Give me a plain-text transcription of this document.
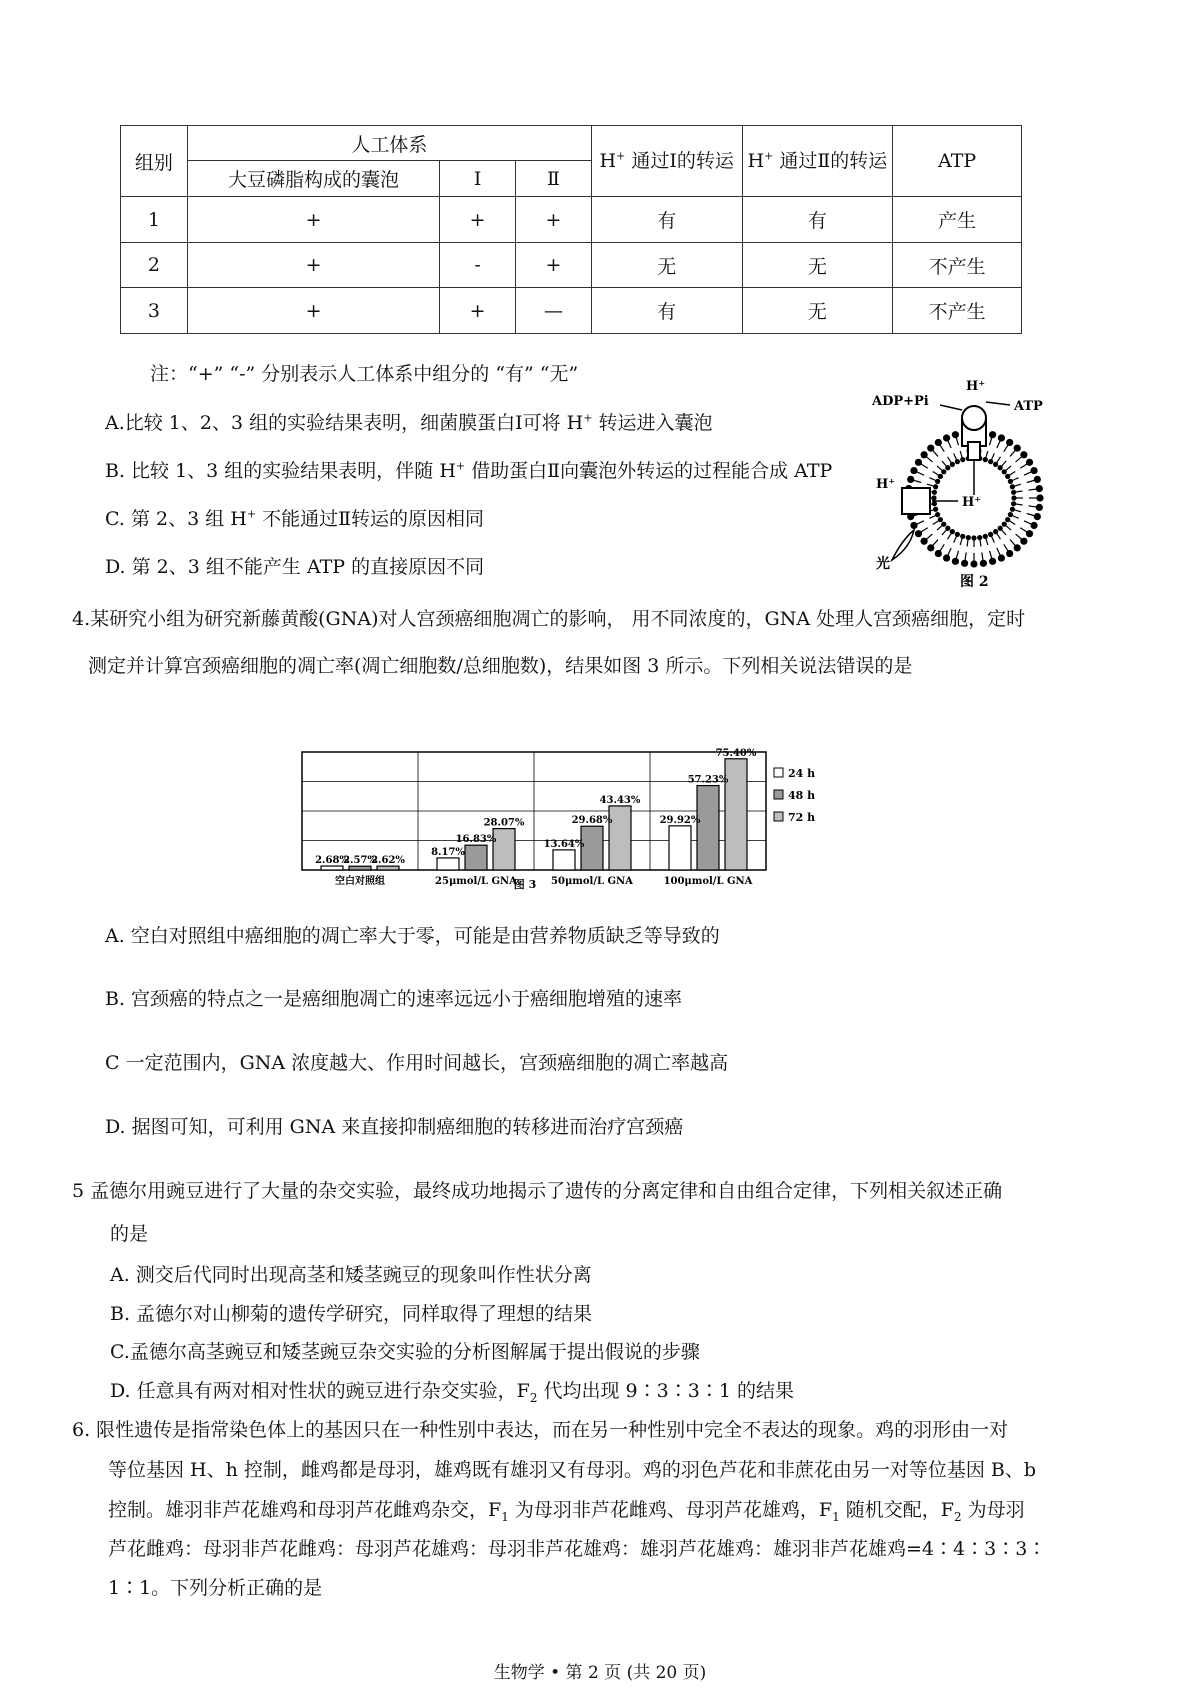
组别	人工体系			H+ 通过Ⅰ的转运	H+ 通过Ⅱ的转运	ATP
	大豆磷脂构成的囊泡	Ⅰ	Ⅱ			
1	+	+	+	有	有	产生
2	+	-	+	无	无	不产生
3	+	+	—	有	无	不产生
注：“+” “-” 分别表示人工体系中组分的 “有” “无”
A.比较 1、2、3 组的实验结果表明，细菌膜蛋白Ⅰ可将 H+ 转运进入囊泡
B. 比较 1、3 组的实验结果表明，伴随 H+ 借助蛋白Ⅱ向囊泡外转运的过程能合成 ATP
C. 第 2、3 组 H+ 不能通过Ⅱ转运的原因相同
D. 第 2、3 组不能产生 ATP 的直接原因不同
ADP+Pi	ATP
H⁺
H⁺
H⁺
光
图 2
4.某研究小组为研究新藤黄酸(GNA)对人宫颈癌细胞凋亡的影响， 用不同浓度的，GNA 处理人宫颈癌细胞，定时
测定并计算宫颈癌细胞的凋亡率(凋亡细胞数/总细胞数)，结果如图 3 所示。下列相关说法错误的是
2.68%
2.57%
2.62%
8.17%
16.83%
28.07%
13.64%
29.68%
43.43%
29.92%
57.23%
75.40%
空白对照组	25μmol/L GNA	50μmol/L GNA	100μmol/L GNA
24 h
48 h
72 h
图 3
A. 空白对照组中癌细胞的凋亡率大于零，可能是由营养物质缺乏等导致的
B. 宫颈癌的特点之一是癌细胞凋亡的速率远远小于癌细胞增殖的速率
C 一定范围内，GNA 浓度越大、作用时间越长，宫颈癌细胞的凋亡率越高
D. 据图可知，可利用 GNA 来直接抑制癌细胞的转移进而治疗宫颈癌
5 孟德尔用豌豆进行了大量的杂交实验，最终成功地揭示了遗传的分离定律和自由组合定律，下列相关叙述正确
的是
A. 测交后代同时出现高茎和矮茎豌豆的现象叫作性状分离
B. 孟德尔对山柳菊的遗传学研究，同样取得了理想的结果
C.孟德尔高茎豌豆和矮茎豌豆杂交实验的分析图解属于提出假说的步骤
D. 任意具有两对相对性状的豌豆进行杂交实验，$F_2$ 代均出现 9∶3∶3∶1 的结果
6. 限性遗传是指常染色体上的基因只在一种性别中表达，而在另一种性别中完全不表达的现象。鸡的羽形由一对
等位基因 H、h 控制，雌鸡都是母羽，雄鸡既有雄羽又有母羽。鸡的羽色芦花和非蔗花由另一对等位基因 B、b
控制。雄羽非芦花雄鸡和母羽芦花雌鸡杂交，$F_1$ 为母羽非芦花雌鸡、母羽芦花雄鸡，$F_1$ 随机交配，$F_2$ 为母羽
芦花雌鸡：母羽非芦花雌鸡：母羽芦花雄鸡：母羽非芦花雄鸡：雄羽芦花雄鸡：雄羽非芦花雄鸡=4∶4∶3∶3∶
1∶1。下列分析正确的是
生物学 • 第 2 页 (共 20 页)
